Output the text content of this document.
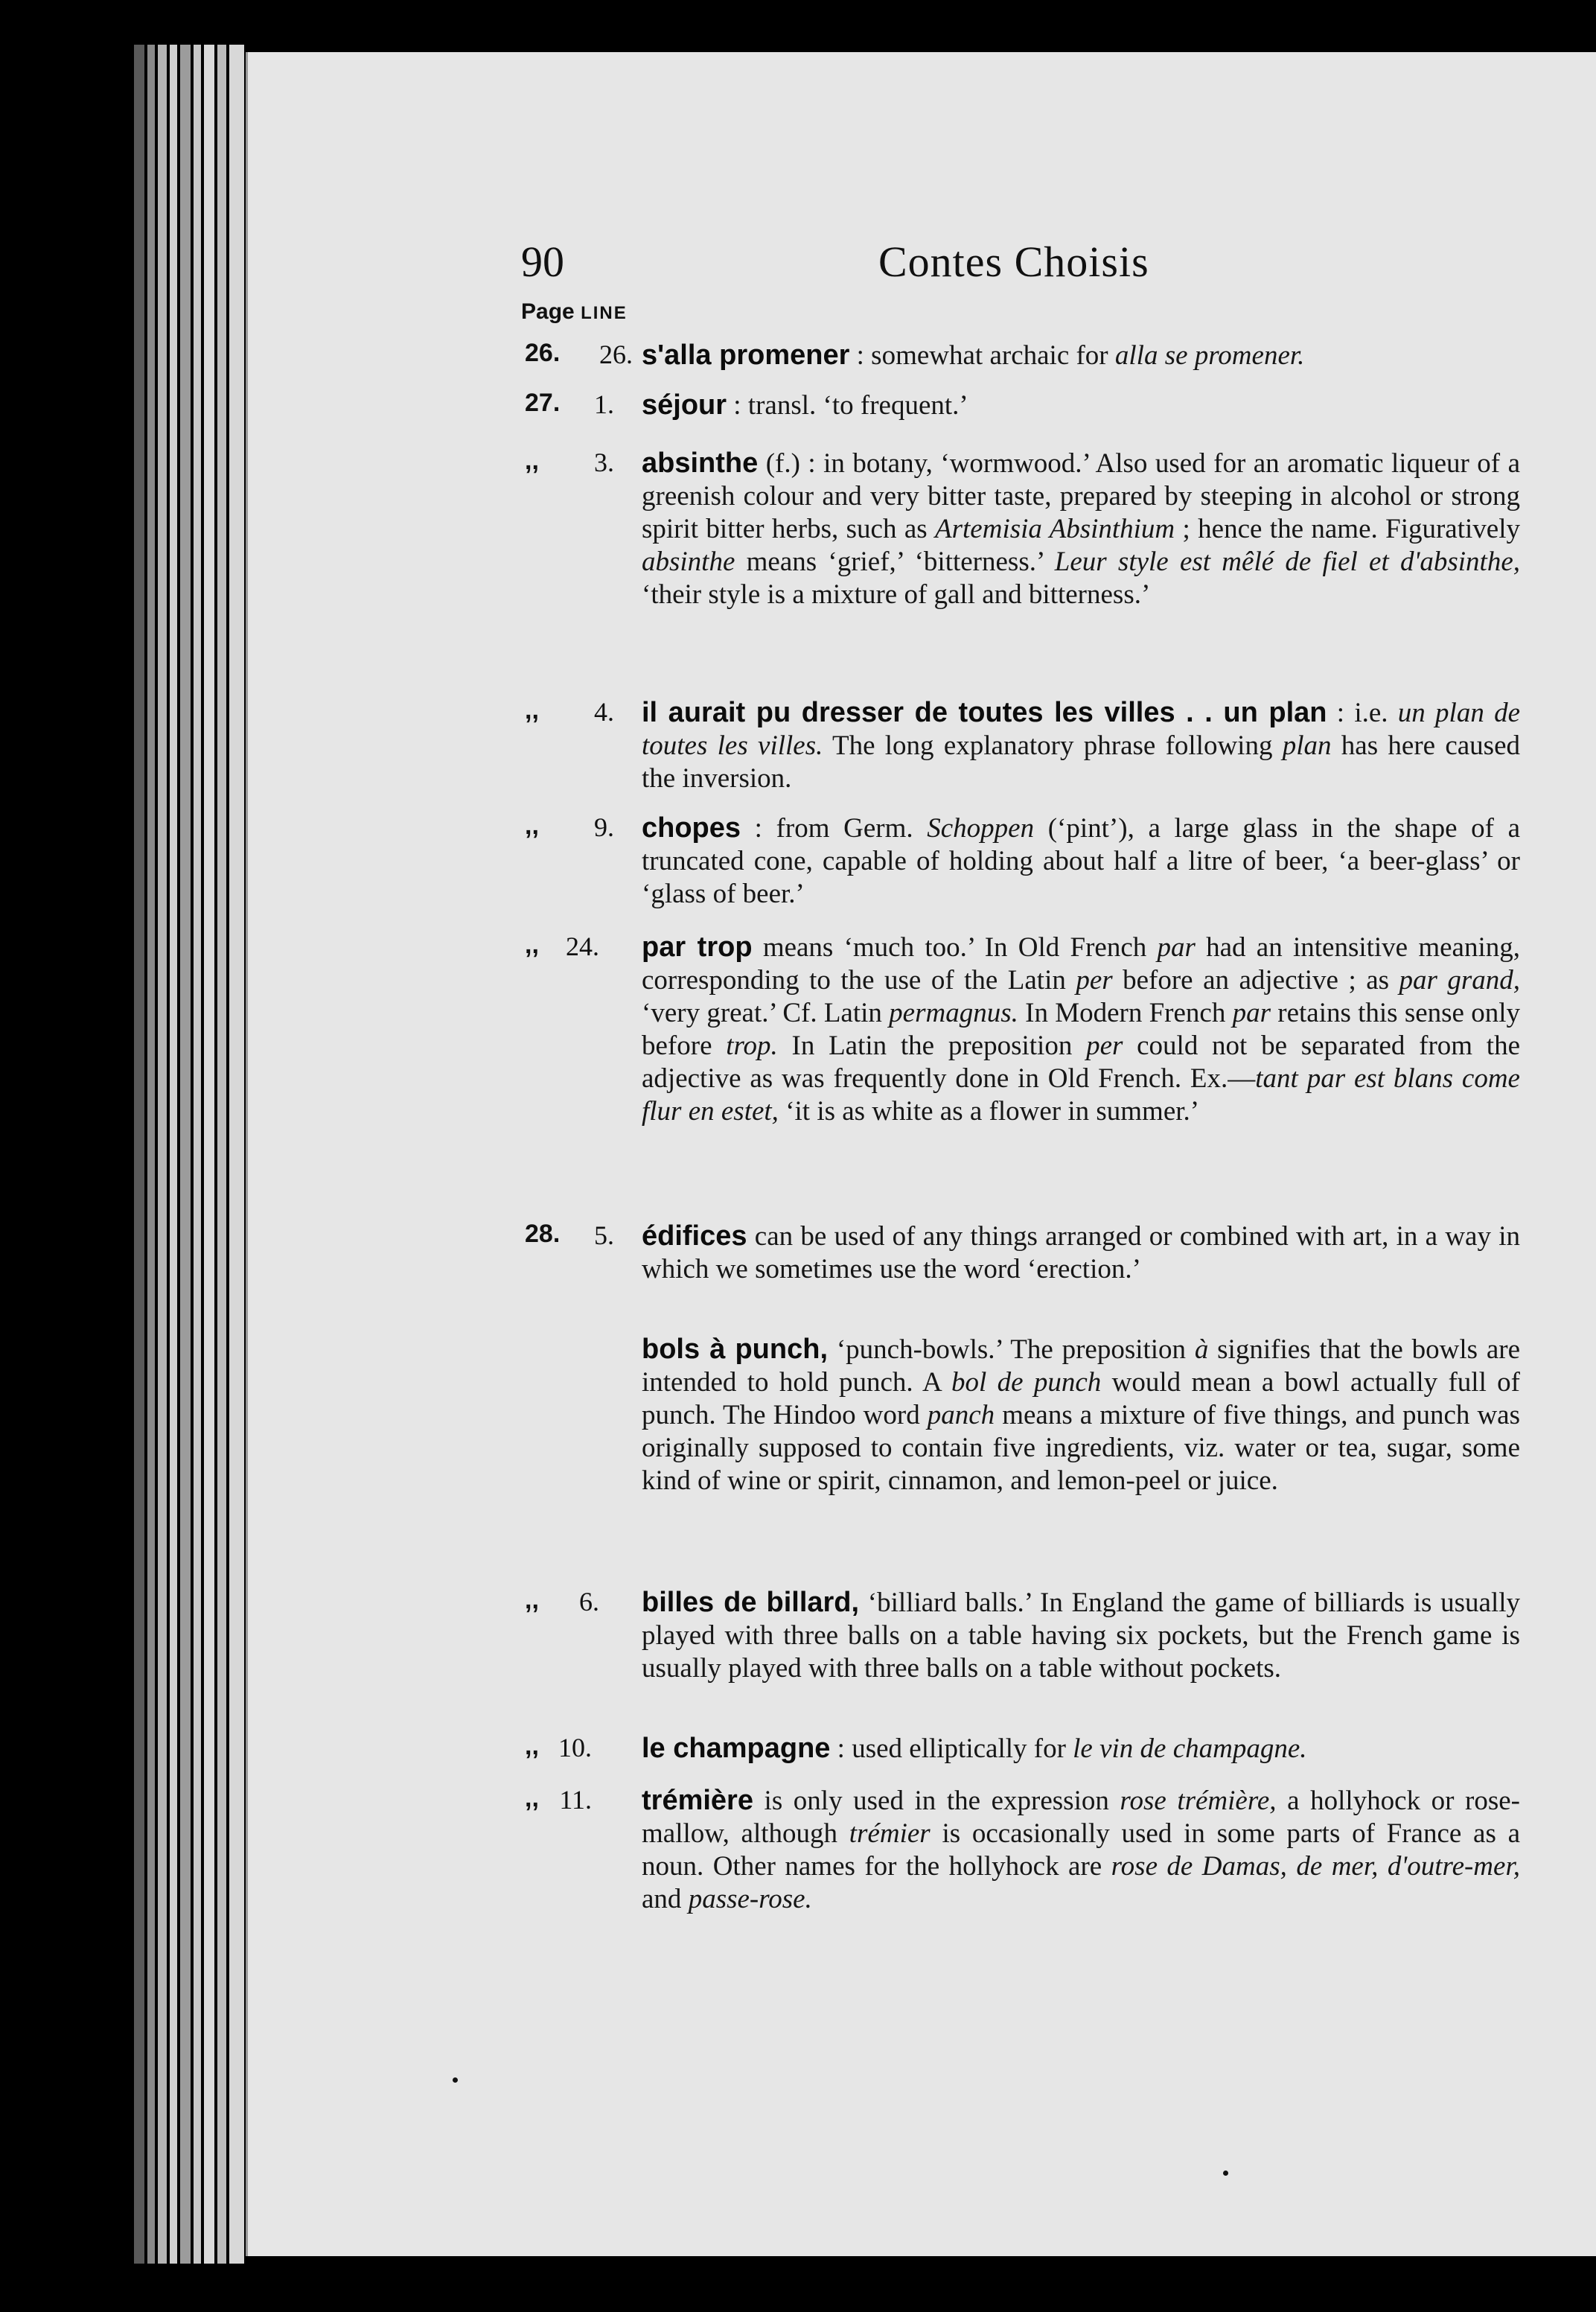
90	Contes Choisis
Page LINE
26.	26. s'alla promener : somewhat archaic for alla se promener.
27.	1. séjour : transl. ‘to frequent.’
,,	3. absinthe (f.) : in botany, ‘wormwood.’ Also used for an aromatic liqueur of a greenish colour and very bitter taste, prepared by steeping in alcohol or strong spirit bitter herbs, such as Artemisia Absinthium ; hence the name. Figuratively absinthe means ‘grief,’ ‘bitterness.’ Leur style est mêlé de fiel et d'absinthe, ‘their style is a mixture of gall and bitterness.’
,,	4. il aurait pu dresser de toutes les villes . . un plan : i.e. un plan de toutes les villes. The long explanatory phrase following plan has here caused the inversion.
,,	9. chopes : from Germ. Schoppen (‘pint’), a large glass in the shape of a truncated cone, capable of holding about half a litre of beer, ‘a beer-glass’ or ‘glass of beer.’
,,	24. par trop means ‘much too.’ In Old French par had an intensitive meaning, corresponding to the use of the Latin per before an adjective ; as par grand, ‘very great.’ Cf. Latin permagnus. In Modern French par retains this sense only before trop. In Latin the preposition per could not be separated from the adjective as was frequently done in Old French. Ex.—tant par est blans come flur en estet, ‘it is as white as a flower in summer.’
28.	5. édifices can be used of any things arranged or combined with art, in a way in which we sometimes use the word ‘erection.’
bols à punch, ‘punch-bowls.’ The preposition à signifies that the bowls are intended to hold punch. A bol de punch would mean a bowl actually full of punch. The Hindoo word panch means a mixture of five things, and punch was originally supposed to contain five ingredients, viz. water or tea, sugar, some kind of wine or spirit, cinnamon, and lemon-peel or juice.
,,	6. billes de billard, ‘billiard balls.’ In England the game of billiards is usually played with three balls on a table having six pockets, but the French game is usually played with three balls on a table without pockets.
,, 10. le champagne : used elliptically for le vin de champagne.
,, 11. trémière is only used in the expression rose trémière, a hollyhock or rose-mallow, although trémier is occasionally used in some parts of France as a noun. Other names for the hollyhock are rose de Damas, de mer, d'outre-mer, and passe-rose.
